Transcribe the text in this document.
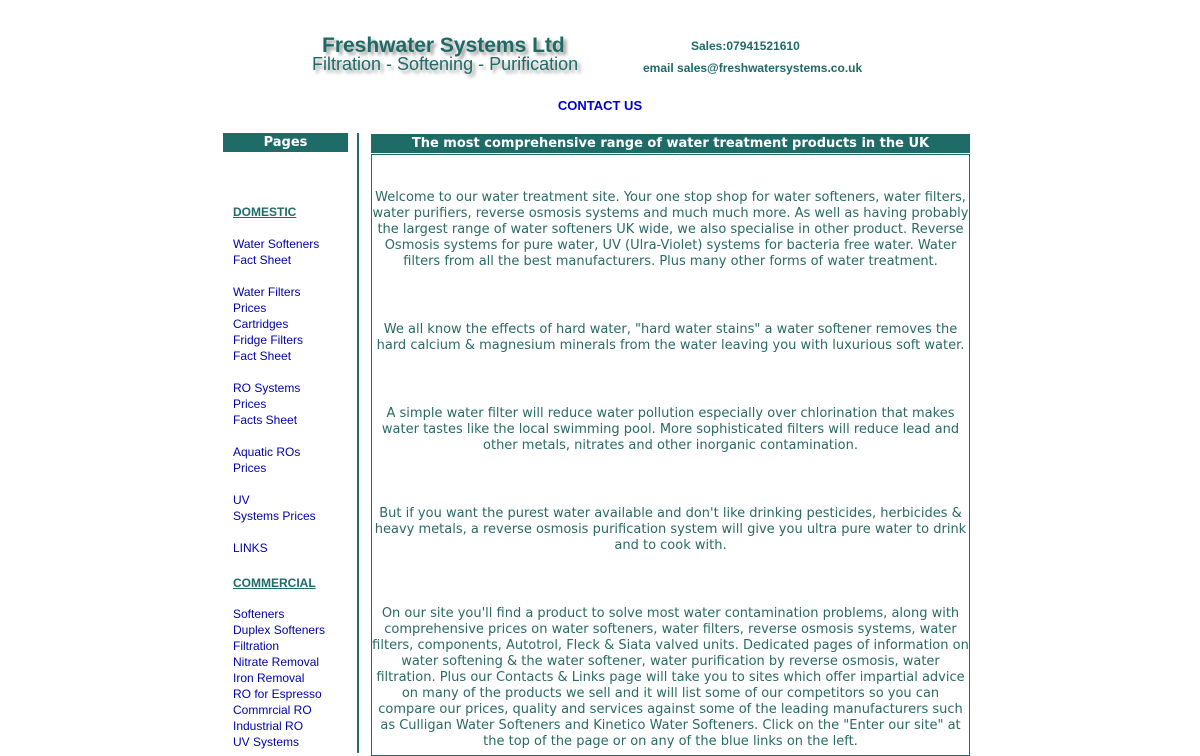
Freshwater Systems Ltd
Filtration - Softening - Purification
Sales:07941521610
email sales@freshwatersystems.co.uk
CONTACT US
Pages
DOMESTIC
Water Softeners
Fact Sheet
Water Filters
Prices
Cartridges
Fridge Filters
Fact Sheet
RO Systems
Prices
Facts Sheet
Aquatic ROs
Prices
UV
Systems Prices
LINKS
COMMERCIAL
Softeners
Duplex Softeners
Filtration
Nitrate Removal
Iron Removal
RO for Espresso
Commrcial RO
Industrial RO
UV Systems
The most comprehensive range of water treatment products in the UK

Welcome to our water treatment site. Your one stop shop for water softeners, water filters, water purifiers, reverse osmosis systems and much much more. As well as having probably the largest range of water softeners UK wide, we also specialise in other product. Reverse Osmosis systems for pure water, UV (Ulra-Violet) systems for bacteria free water. Water filters from all the best manufacturers. Plus many other forms of water treatment.

We all know the effects of hard water, "hard water stains" a water softener removes the hard calcium & magnesium minerals from the water leaving you with luxurious soft water.

A simple water filter will reduce water pollution especially over chlorination that makes water tastes like the local swimming pool. More sophisticated filters will reduce lead and other metals, nitrates and other inorganic contamination.

But if you want the purest water available and don't like drinking pesticides, herbicides & heavy metals, a reverse osmosis purification system will give you ultra pure water to drink and to cook with.

On our site you'll find a product to solve most water contamination problems, along with comprehensive prices on water softeners, water filters, reverse osmosis systems, water filters, components, Autotrol, Fleck & Siata valved units. Dedicated pages of information on water softening & the water softener, water purification by reverse osmosis, water filtration. Plus our Contacts & Links page will take you to sites which offer impartial advice on many of the products we sell and it will list some of our competitors so you can compare our prices, quality and services against some of the leading manufacturers such as Culligan Water Softeners and Kinetico Water Softeners. Click on the "Enter our site" at the top of the page or on any of the blue links on the left.
